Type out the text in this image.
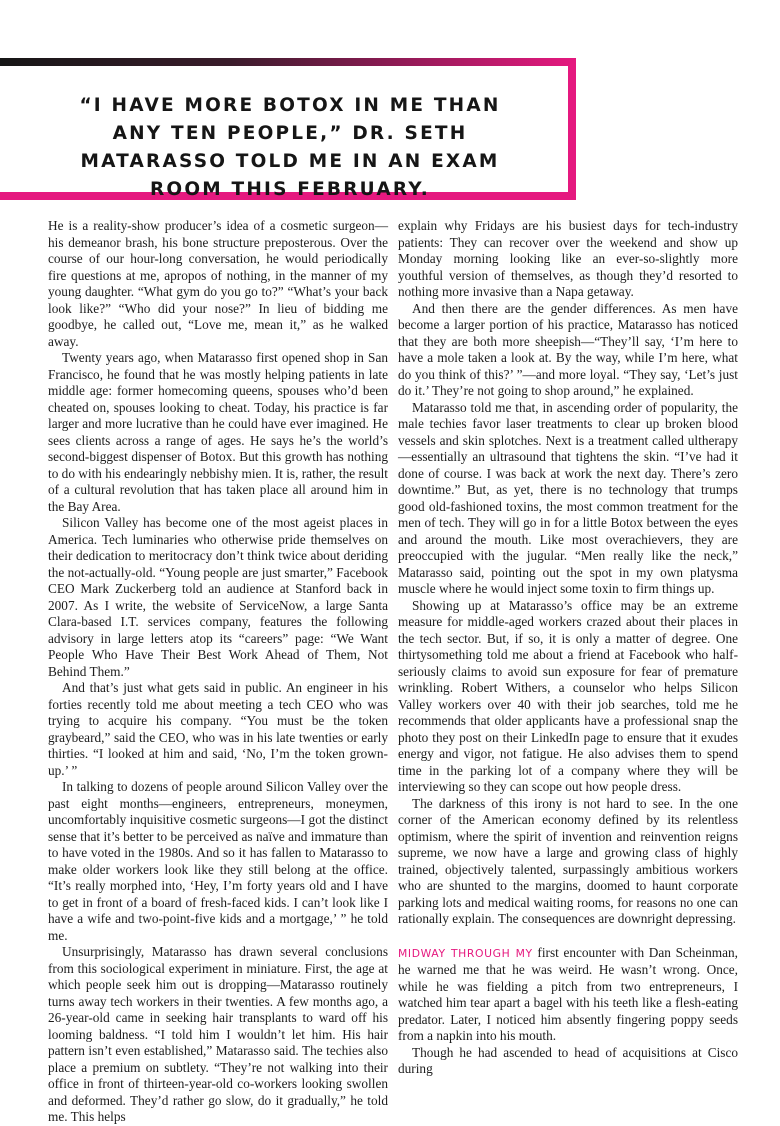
“I HAVE MORE BOTOX IN ME THAN ANY TEN PEOPLE,” DR. SETH MATARASSO TOLD ME IN AN EXAM ROOM THIS FEBRUARY.

He is a reality-show producer’s idea of a cosmetic surgeon—his demeanor brash, his bone structure preposterous. Over the course of our hour-long conversation, he would periodically fire questions at me, apropos of nothing, in the manner of my young daughter. “What gym do you go to?” “What’s your back look like?” “Who did your nose?” In lieu of bidding me goodbye, he called out, “Love me, mean it,” as he walked away.

Twenty years ago, when Matarasso first opened shop in San Francisco, he found that he was mostly helping patients in late middle age: former homecoming queens, spouses who’d been cheated on, spouses looking to cheat. Today, his practice is far larger and more lucrative than he could have ever imagined. He sees clients across a range of ages. He says he’s the world’s second-biggest dispenser of Botox. But this growth has nothing to do with his endearingly nebbishy mien. It is, rather, the result of a cultural revolution that has taken place all around him in the Bay Area.

Silicon Valley has become one of the most ageist places in America. Tech luminaries who otherwise pride themselves on their dedication to meritocracy don’t think twice about deriding the not-actually-old. “Young people are just smarter,” Facebook CEO Mark Zuckerberg told an audience at Stanford back in 2007. As I write, the website of ServiceNow, a large Santa Clara-based I.T. services company, features the following advisory in large letters atop its “careers” page: “We Want People Who Have Their Best Work Ahead of Them, Not Behind Them.”

And that’s just what gets said in public. An engineer in his forties recently told me about meeting a tech CEO who was trying to acquire his company. “You must be the token graybeard,” said the CEO, who was in his late twenties or early thirties. “I looked at him and said, ‘No, I’m the token grown-up.’ ”

In talking to dozens of people around Silicon Valley over the past eight months—engineers, entrepreneurs, moneymen, uncomfortably inquisitive cosmetic surgeons—I got the distinct sense that it’s better to be perceived as naïve and immature than to have voted in the 1980s. And so it has fallen to Matarasso to make older workers look like they still belong at the office. “It’s really morphed into, ‘Hey, I’m forty years old and I have to get in front of a board of fresh-faced kids. I can’t look like I have a wife and two-point-five kids and a mortgage,’ ” he told me.

Unsurprisingly, Matarasso has drawn several conclusions from this sociological experiment in miniature. First, the age at which people seek him out is dropping—Matarasso routinely turns away tech workers in their twenties. A few months ago, a 26-year-old came in seeking hair transplants to ward off his looming baldness. “I told him I wouldn’t let him. His hair pattern isn’t even established,” Matarasso said. The techies also place a premium on subtlety. “They’re not walking into their office in front of thirteen-year-old co-workers looking swollen and deformed. They’d rather go slow, do it gradually,” he told me. This helps

explain why Fridays are his busiest days for tech-industry patients: They can recover over the weekend and show up Monday morning looking like an ever-so-slightly more youthful version of themselves, as though they’d resorted to nothing more invasive than a Napa getaway.

And then there are the gender differences. As men have become a larger portion of his practice, Matarasso has noticed that they are both more sheepish—“They’ll say, ‘I’m here to have a mole taken a look at. By the way, while I’m here, what do you think of this?’ ”—and more loyal. “They say, ‘Let’s just do it.’ They’re not going to shop around,” he explained.

Matarasso told me that, in ascending order of popularity, the male techies favor laser treatments to clear up broken blood vessels and skin splotches. Next is a treatment called ultherapy—essentially an ultrasound that tightens the skin. “I’ve had it done of course. I was back at work the next day. There’s zero downtime.” But, as yet, there is no technology that trumps good old-fashioned toxins, the most common treatment for the men of tech. They will go in for a little Botox between the eyes and around the mouth. Like most overachievers, they are preoccupied with the jugular. “Men really like the neck,” Matarasso said, pointing out the spot in my own platysma muscle where he would inject some toxin to firm things up.

Showing up at Matarasso’s office may be an extreme measure for middle-aged workers crazed about their places in the tech sector. But, if so, it is only a matter of degree. One thirtysomething told me about a friend at Facebook who half-seriously claims to avoid sun exposure for fear of premature wrinkling. Robert Withers, a counselor who helps Silicon Valley workers over 40 with their job searches, told me he recommends that older applicants have a professional snap the photo they post on their LinkedIn page to ensure that it exudes energy and vigor, not fatigue. He also advises them to spend time in the parking lot of a company where they will be interviewing so they can scope out how people dress.

The darkness of this irony is not hard to see. In the one corner of the American economy defined by its relentless optimism, where the spirit of invention and reinvention reigns supreme, we now have a large and growing class of highly trained, objectively talented, surpassingly ambitious workers who are shunted to the margins, doomed to haunt corporate parking lots and medical waiting rooms, for reasons no one can rationally explain. The consequences are downright depressing.

MIDWAY THROUGH MY first encounter with Dan Scheinman, he warned me that he was weird. He wasn’t wrong. Once, while he was fielding a pitch from two entrepreneurs, I watched him tear apart a bagel with his teeth like a flesh-eating predator. Later, I noticed him absently fingering poppy seeds from a napkin into his mouth.

Though he had ascended to head of acquisitions at Cisco during
